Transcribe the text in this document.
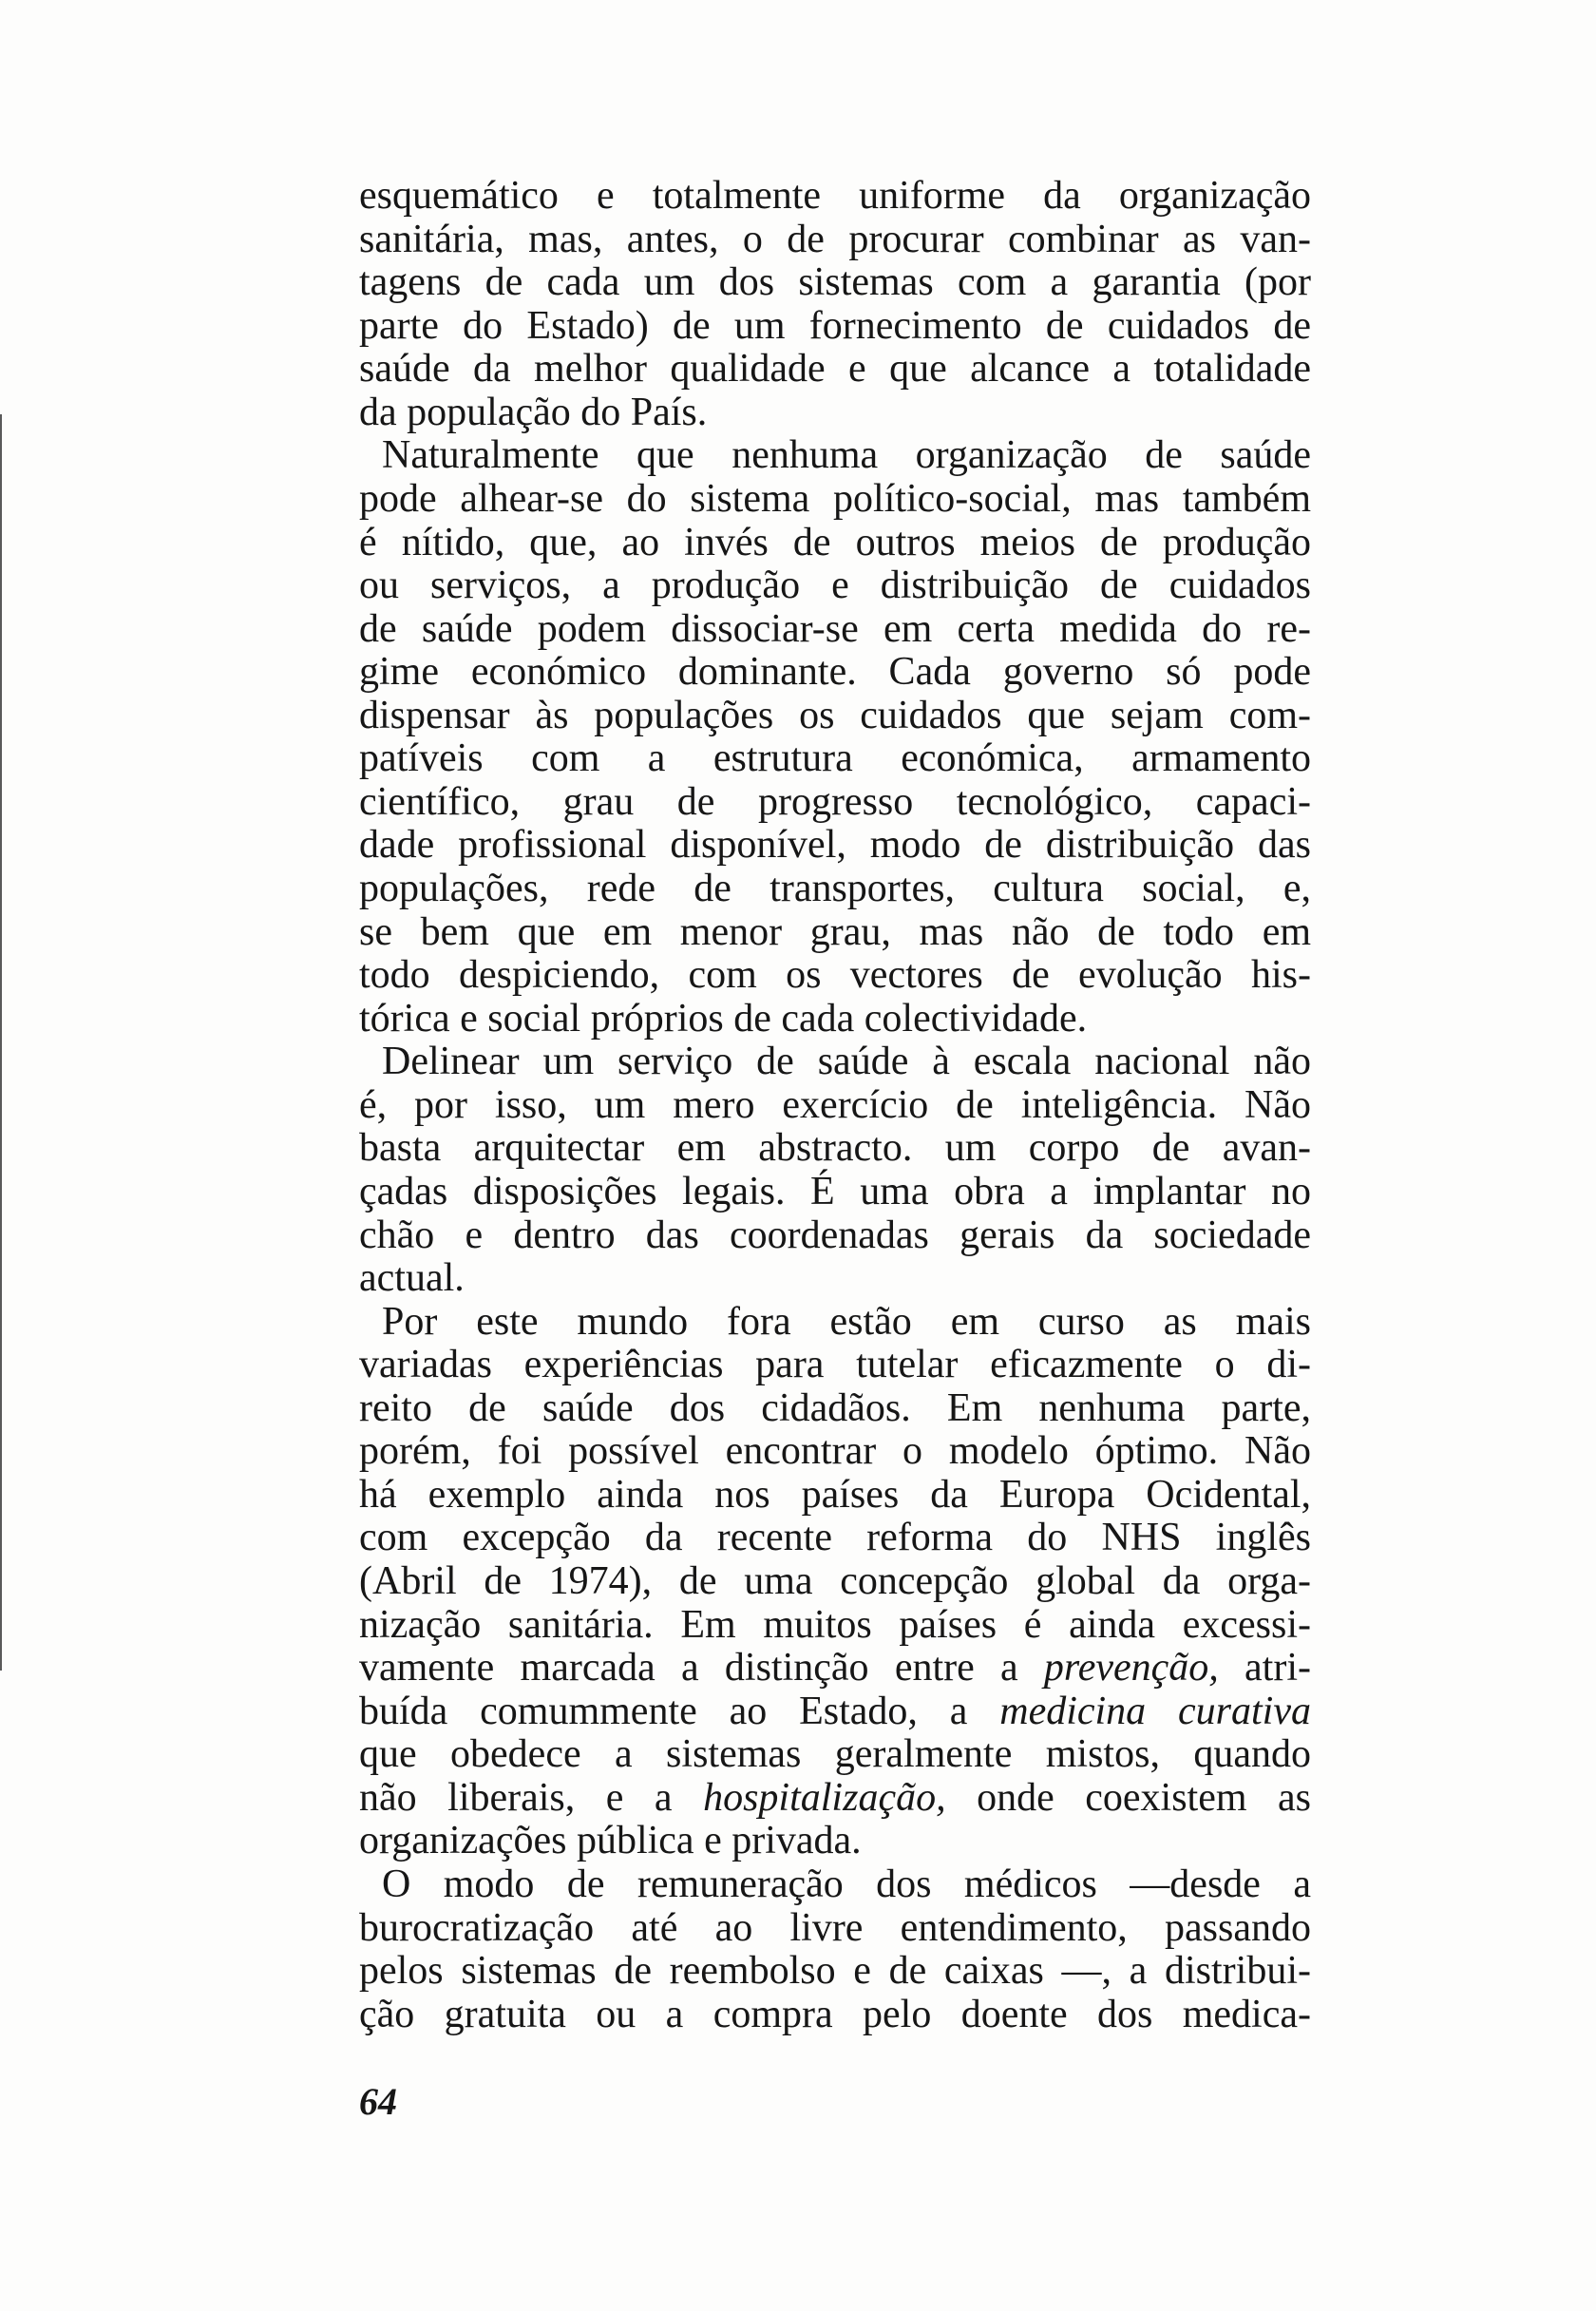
esquemático e totalmente uniforme da organização
sanitária, mas, antes, o de procurar combinar as van-
tagens de cada um dos sistemas com a garantia (por
parte do Estado) de um fornecimento de cuidados de
saúde da melhor qualidade e que alcance a totalidade
da população do País.
Naturalmente que nenhuma organização de saúde
pode alhear-se do sistema político-social, mas também
é nítido, que, ao invés de outros meios de produção
ou serviços, a produção e distribuição de cuidados
de saúde podem dissociar-se em certa medida do re-
gime económico dominante. Cada governo só pode
dispensar às populações os cuidados que sejam com-
patíveis com a estrutura económica, armamento
científico, grau de progresso tecnológico, capaci-
dade profissional disponível, modo de distribuição das
populações, rede de transportes, cultura social, e,
se bem que em menor grau, mas não de todo em
todo despiciendo, com os vectores de evolução his-
tórica e social próprios de cada colectividade.
Delinear um serviço de saúde à escala nacional não
é, por isso, um mero exercício de inteligência. Não
basta arquitectar em abstracto. um corpo de avan-
çadas disposições legais. É uma obra a implantar no
chão e dentro das coordenadas gerais da sociedade
actual.
Por este mundo fora estão em curso as mais
variadas experiências para tutelar eficazmente o di-
reito de saúde dos cidadãos. Em nenhuma parte,
porém, foi possível encontrar o modelo óptimo. Não
há exemplo ainda nos países da Europa Ocidental,
com excepção da recente reforma do NHS inglês
(Abril de 1974), de uma concepção global da orga-
nização sanitária. Em muitos países é ainda excessi-
vamente marcada a distinção entre a prevenção, atri-
buída comummente ao Estado, a medicina curativa
que obedece a sistemas geralmente mistos, quando
não liberais, e a hospitalização, onde coexistem as
organizações pública e privada.
O modo de remuneração dos médicos —desde a
burocratização até ao livre entendimento, passando
pelos sistemas de reembolso e de caixas —, a distribui-
ção gratuita ou a compra pelo doente dos medica-
64
